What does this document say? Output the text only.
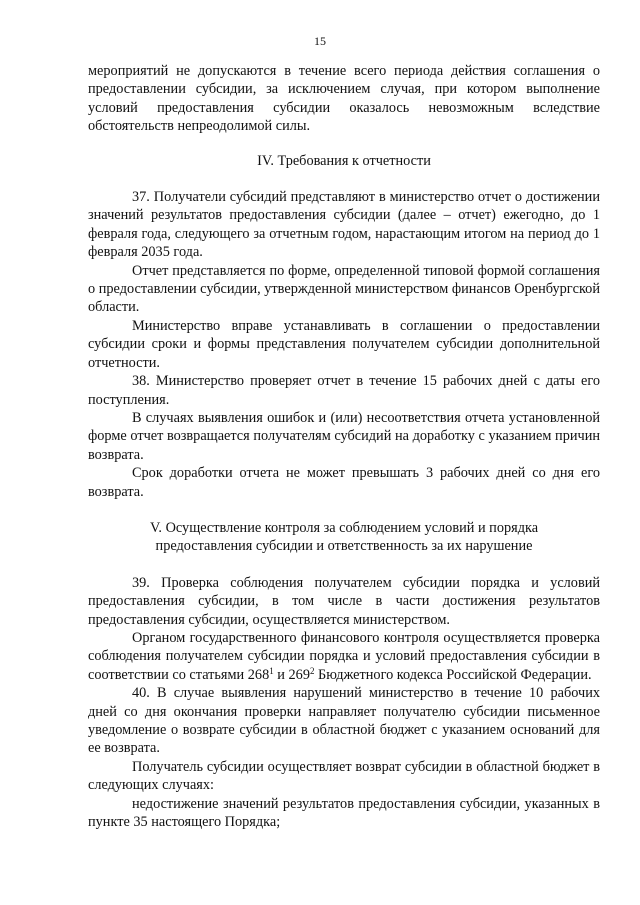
15

мероприятий не допускаются в течение всего периода действия соглашения о предоставлении субсидии, за исключением случая, при котором выполнение условий предоставления субсидии оказалось невозможным вследствие обстоятельств непреодолимой силы.

IV. Требования к отчетности

37. Получатели субсидий представляют в министерство отчет о достижении значений результатов предоставления субсидии (далее – отчет) ежегодно, до 1 февраля года, следующего за отчетным годом, нарастающим итогом на период до 1 февраля 2035 года.

Отчет представляется по форме, определенной типовой формой соглашения о предоставлении субсидии, утвержденной министерством финансов Оренбургской области.

Министерство вправе устанавливать в соглашении о предоставлении субсидии сроки и формы представления получателем субсидии дополнительной отчетности.

38. Министерство проверяет отчет в течение 15 рабочих дней с даты его поступления.

В случаях выявления ошибок и (или) несоответствия отчета установленной форме отчет возвращается получателям субсидий на доработку с указанием причин возврата.

Срок доработки отчета не может превышать 3 рабочих дней со дня его возврата.

V. Осуществление контроля за соблюдением условий и порядка
предоставления субсидии и ответственность за их нарушение

39. Проверка соблюдения получателем субсидии порядка и условий предоставления субсидии, в том числе в части достижения результатов предоставления субсидии, осуществляется министерством.

Органом государственного финансового контроля осуществляется проверка соблюдения получателем субсидии порядка и условий предоставления субсидии в соответствии со статьями $268^1$ и $269^2$ Бюджетного кодекса Российской Федерации.

40. В случае выявления нарушений министерство в течение 10 рабочих дней со дня окончания проверки направляет получателю субсидии письменное уведомление о возврате субсидии в областной бюджет с указанием оснований для ее возврата.

Получатель субсидии осуществляет возврат субсидии в областной бюджет в следующих случаях:

недостижение значений результатов предоставления субсидии, указанных в пункте 35 настоящего Порядка;
